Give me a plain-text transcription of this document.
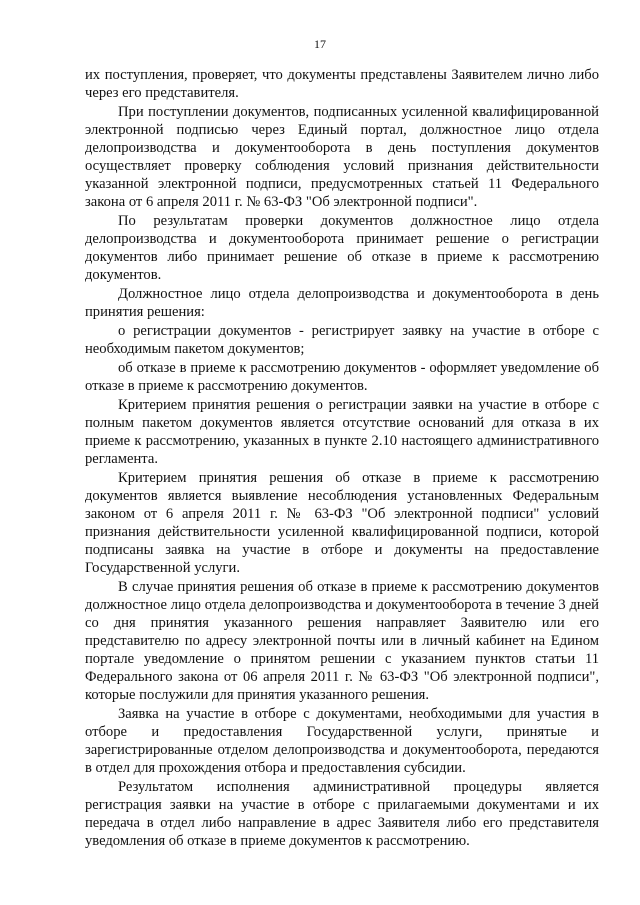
17

их поступления, проверяет, что документы представлены Заявителем лично либо через его представителя.

При поступлении документов, подписанных усиленной квалифицированной электронной подписью через Единый портал, должностное лицо отдела делопроизводства и документооборота в день поступления документов осуществляет проверку соблюдения условий признания действительности указанной электронной подписи, предусмотренных статьей 11 Федерального закона от 6 апреля 2011 г. № 63-ФЗ "Об электронной подписи".

По результатам проверки документов должностное лицо отдела делопроизводства и документооборота принимает решение о регистрации документов либо принимает решение об отказе в приеме к рассмотрению документов.

Должностное лицо отдела делопроизводства и документооборота в день принятия решения:

о регистрации документов - регистрирует заявку на участие в отборе с необходимым пакетом документов;

об отказе в приеме к рассмотрению документов - оформляет уведомление об отказе в приеме к рассмотрению документов.

Критерием принятия решения о регистрации заявки на участие в отборе с полным пакетом документов является отсутствие оснований для отказа в их приеме к рассмотрению, указанных в пункте 2.10 настоящего административного регламента.

Критерием принятия решения об отказе в приеме к рассмотрению документов является выявление несоблюдения установленных Федеральным законом от 6 апреля 2011 г. № 63-ФЗ "Об электронной подписи" условий признания действительности усиленной квалифицированной подписи, которой подписаны заявка на участие в отборе и документы на предоставление Государственной услуги.

В случае принятия решения об отказе в приеме к рассмотрению документов должностное лицо отдела делопроизводства и документооборота в течение 3 дней со дня принятия указанного решения направляет Заявителю или его представителю по адресу электронной почты или в личный кабинет на Едином портале уведомление о принятом решении с указанием пунктов статьи 11 Федерального закона от 06 апреля 2011 г. № 63-ФЗ "Об электронной подписи", которые послужили для принятия указанного решения.

Заявка на участие в отборе с документами, необходимыми для участия в отборе и предоставления Государственной услуги, принятые и зарегистрированные отделом делопроизводства и документооборота, передаются в отдел для прохождения отбора и предоставления субсидии.

Результатом исполнения административной процедуры является регистрация заявки на участие в отборе с прилагаемыми документами и их передача в отдел либо направление в адрес Заявителя либо его представителя уведомления об отказе в приеме документов к рассмотрению.
